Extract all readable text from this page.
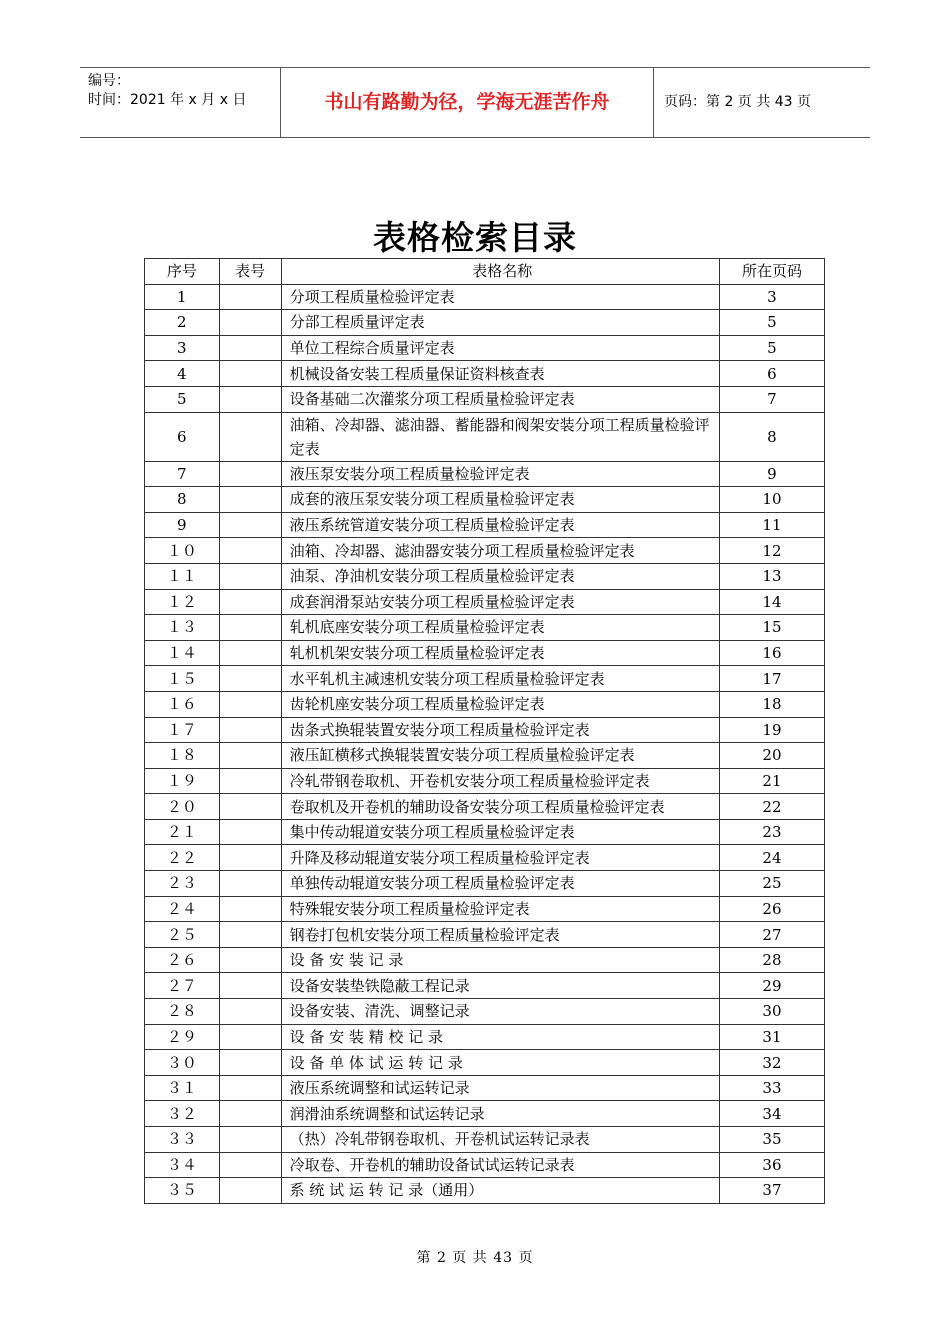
编号：
时间：2021 年 x 月 x 日	书山有路勤为径，学海无涯苦作舟	页码：第 2 页 共 43 页
表格检索目录
序号	表号	表格名称	所在页码
1		分项工程质量检验评定表	3
2		分部工程质量评定表	5
3		单位工程综合质量评定表	5
4		机械设备安装工程质量保证资料核查表	6
5		设备基础二次灌浆分项工程质量检验评定表	7
6		油箱、冷却器、滤油器、蓄能器和阀架安装分项工程质量检验评定表	8
7		液压泵安装分项工程质量检验评定表	9
8		成套的液压泵安装分项工程质量检验评定表	10
9		液压系统管道安装分项工程质量检验评定表	11
１０		油箱、冷却器、滤油器安装分项工程质量检验评定表	12
１１		油泵、净油机安装分项工程质量检验评定表	13
１２		成套润滑泵站安装分项工程质量检验评定表	14
１３		轧机底座安装分项工程质量检验评定表	15
１４		轧机机架安装分项工程质量检验评定表	16
１５		水平轧机主减速机安装分项工程质量检验评定表	17
１６		齿轮机座安装分项工程质量检验评定表	18
１７		齿条式换辊装置安装分项工程质量检验评定表	19
１８		液压缸横移式换辊装置安装分项工程质量检验评定表	20
１９		冷轧带钢卷取机、开卷机安装分项工程质量检验评定表	21
２０		卷取机及开卷机的辅助设备安装分项工程质量检验评定表	22
２１		集中传动辊道安装分项工程质量检验评定表	23
２２		升降及移动辊道安装分项工程质量检验评定表	24
２３		单独传动辊道安装分项工程质量检验评定表	25
２４		特殊辊安装分项工程质量检验评定表	26
２５		钢卷打包机安装分项工程质量检验评定表	27
２６		设 备 安 装 记 录	28
２７		设备安装垫铁隐蔽工程记录	29
２８		设备安装、清洗、调整记录	30
２９		设 备 安 装 精 校 记 录	31
３０		设 备 单 体 试 运 转 记 录	32
３１		液压系统调整和试运转记录	33
３２		润滑油系统调整和试运转记录	34
３３		（热）冷轧带钢卷取机、开卷机试运转记录表	35
３４		冷取卷、开卷机的辅助设备试试运转记录表	36
３５		系 统 试 运 转 记 录（通用）	37
第 2 页 共 43 页
